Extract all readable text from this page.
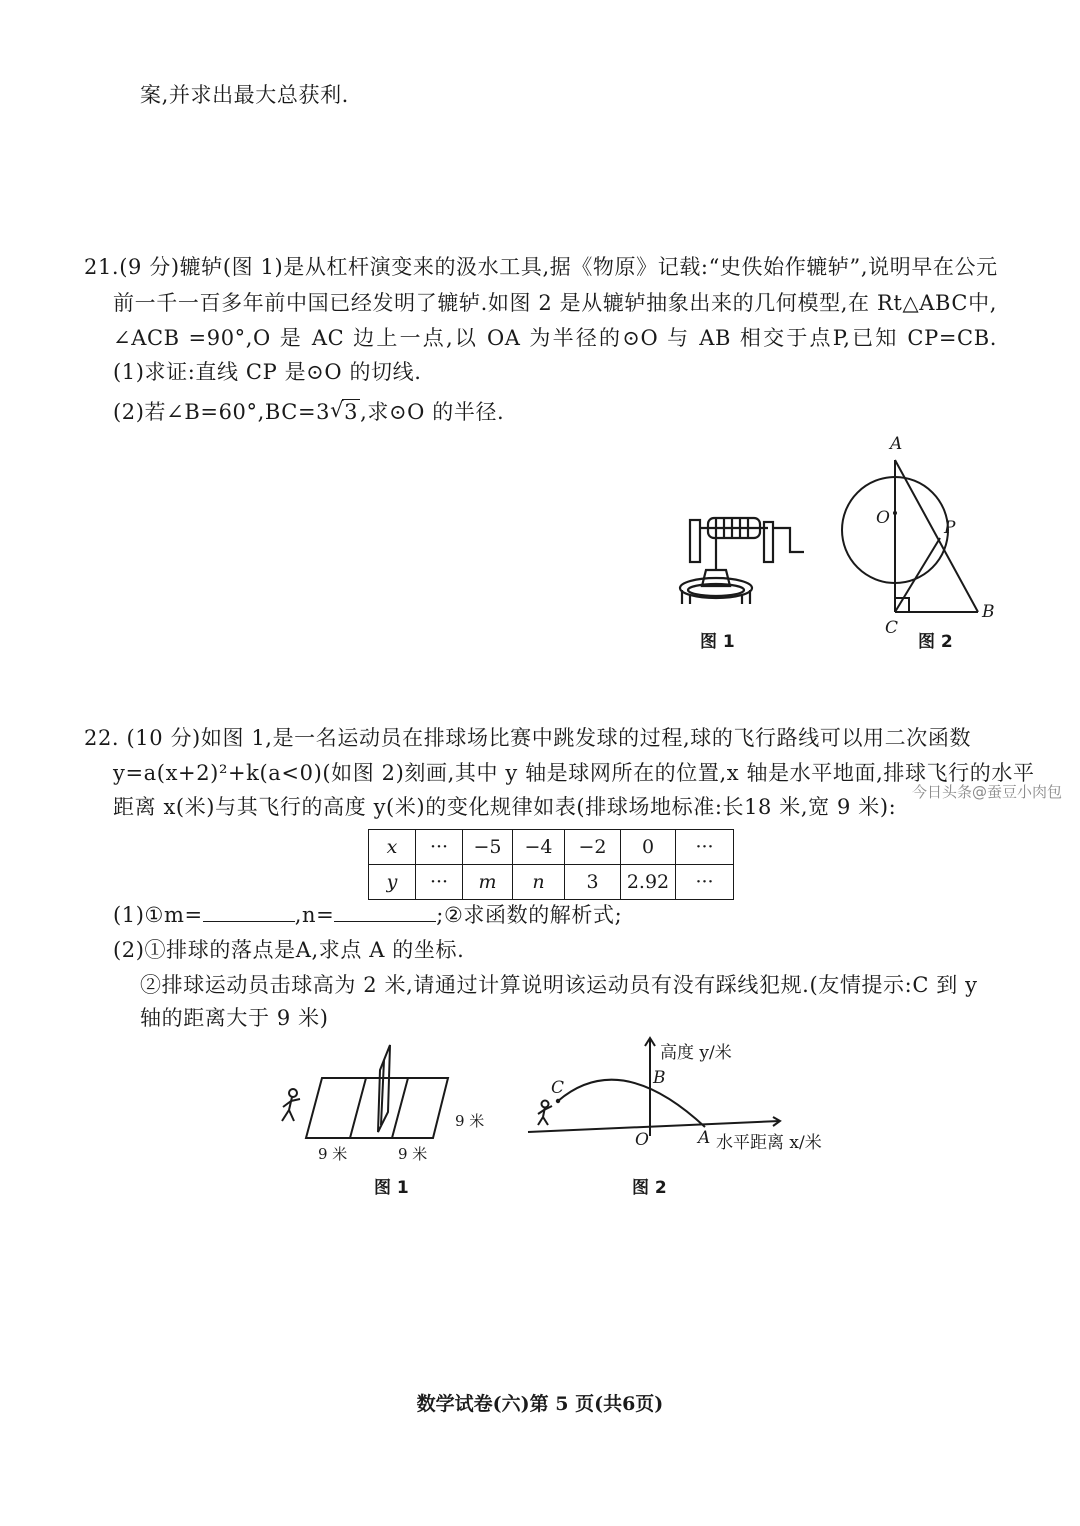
案,并求出最大总获利.
21.(9 分)辘轳(图 1)是从杠杆演变来的汲水工具,据《物原》记载:“史佚始作辘轳”,说明早在公元
前一千一百多年前中国已经发明了辘轳.如图 2 是从辘轳抽象出来的几何模型,在 Rt△ABC中,
∠ACB =90°,O 是 AC 边上一点,以 OA 为半径的⊙O 与 AB 相交于点P,已知 CP=CB.
(1)求证:直线 CP 是⊙O 的切线.
(2)若∠B=60°,BC=3 √ 3,求⊙O 的半径.
图 1
A
O	P
C
B
图 2
今日头条@蚕豆小肉包
22. (10 分)如图 1,是一名运动员在排球场比赛中跳发球的过程,球的飞行路线可以用二次函数
y=a(x+2)²+k(a<0)(如图 2)刻画,其中 y 轴是球网所在的位置,x 轴是水平地面,排球飞行的水平
距离 x(米)与其飞行的高度 y(米)的变化规律如表(排球场地标准:长18 米,宽 9 米):
x	···	−5	−4	−2	0	···
y	···	m	n	3	2.92	···
(1)①m=	,n=	;②求函数的解析式;
(2)①排球的落点是A,求点 A 的坐标.
②排球运动员击球高为 2 米,请通过计算说明该运动员有没有踩线犯规.(友情提示:C 到 y
轴的距离大于 9 米)
9 米
9 米	9 米
图 1
高度 y/米
B
C
O	A 水平距离 x/米
图 2
数学试卷(六)第 5 页(共6页)
